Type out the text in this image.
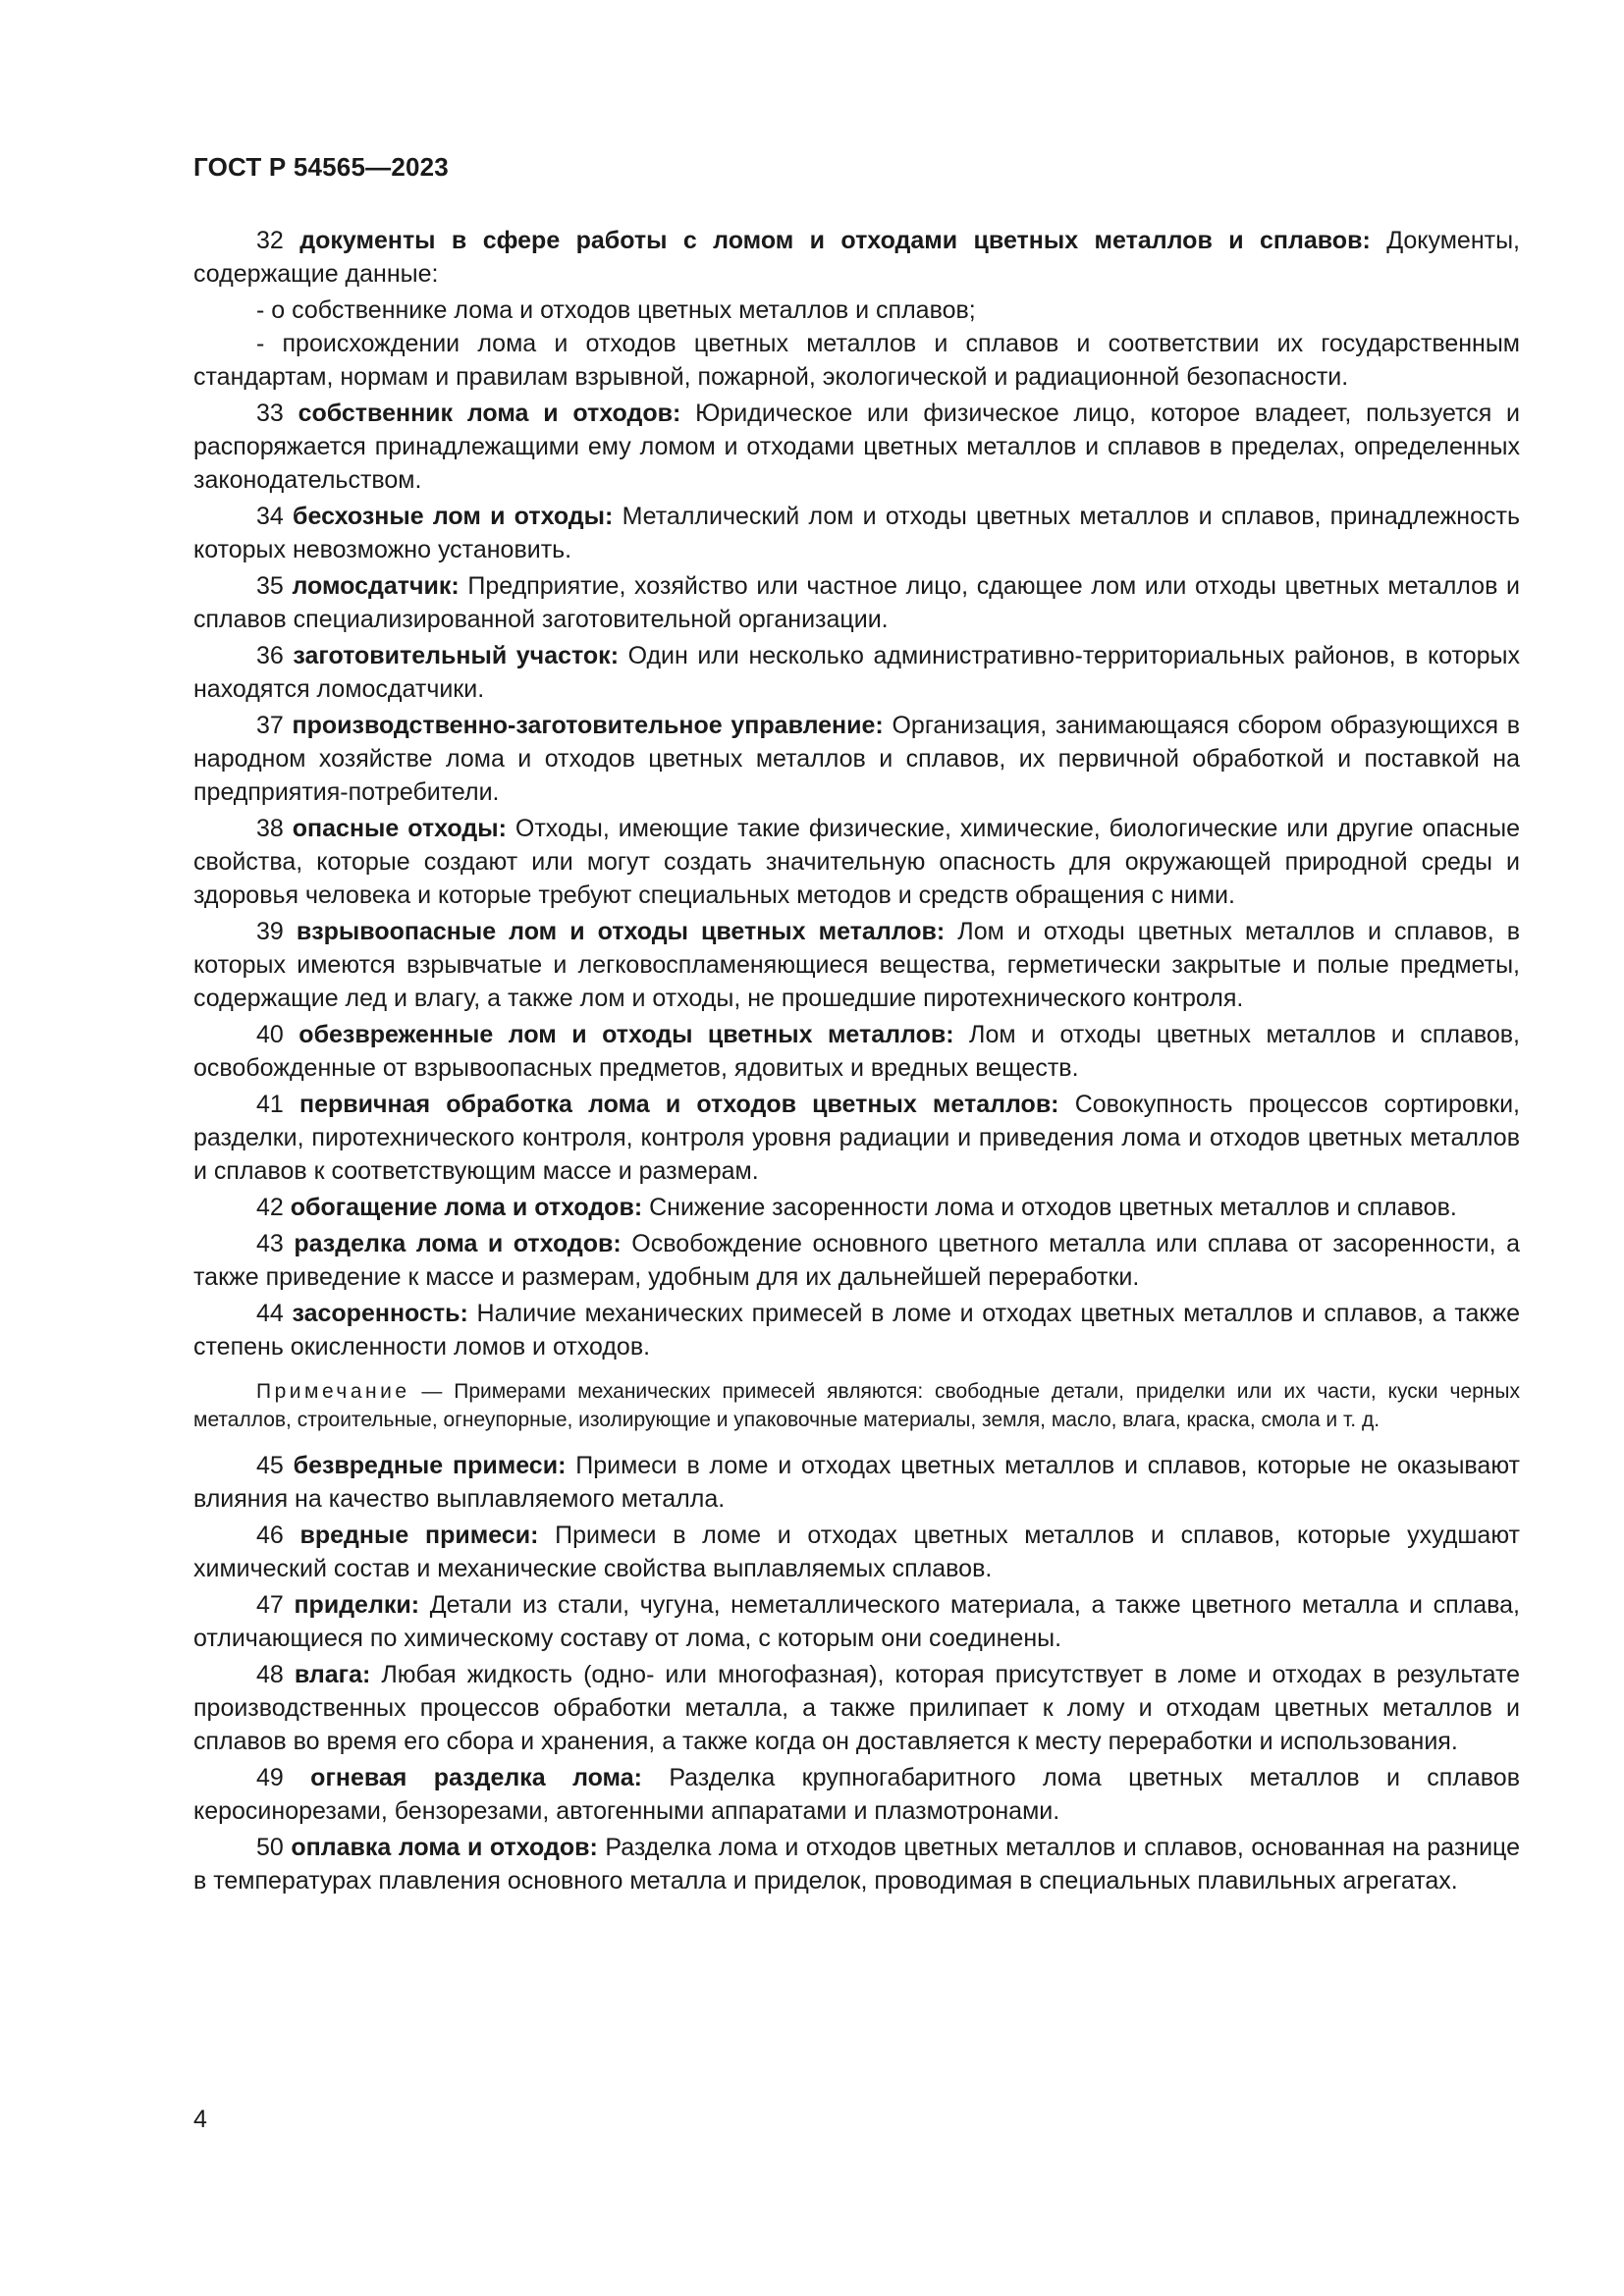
ГОСТ Р 54565—2023

32 документы в сфере работы с ломом и отходами цветных металлов и сплавов: Документы, содержащие данные:

- о собственнике лома и отходов цветных металлов и сплавов;

- происхождении лома и отходов цветных металлов и сплавов и соответствии их государственным стандартам, нормам и правилам взрывной, пожарной, экологической и радиационной безопасности.

33 собственник лома и отходов: Юридическое или физическое лицо, которое владеет, пользуется и распоряжается принадлежащими ему ломом и отходами цветных металлов и сплавов в пределах, определенных законодательством.

34 бесхозные лом и отходы: Металлический лом и отходы цветных металлов и сплавов, принадлежность которых невозможно установить.

35 ломосдатчик: Предприятие, хозяйство или частное лицо, сдающее лом или отходы цветных металлов и сплавов специализированной заготовительной организации.

36 заготовительный участок: Один или несколько административно-территориальных районов, в которых находятся ломосдатчики.

37 производственно-заготовительное управление: Организация, занимающаяся сбором образующихся в народном хозяйстве лома и отходов цветных металлов и сплавов, их первичной обработкой и поставкой на предприятия-потребители.

38 опасные отходы: Отходы, имеющие такие физические, химические, биологические или другие опасные свойства, которые создают или могут создать значительную опасность для окружающей природной среды и здоровья человека и которые требуют специальных методов и средств обращения с ними.

39 взрывоопасные лом и отходы цветных металлов: Лом и отходы цветных металлов и сплавов, в которых имеются взрывчатые и легковоспламеняющиеся вещества, герметически закрытые и полые предметы, содержащие лед и влагу, а также лом и отходы, не прошедшие пиротехнического контроля.

40 обезвреженные лом и отходы цветных металлов: Лом и отходы цветных металлов и сплавов, освобожденные от взрывоопасных предметов, ядовитых и вредных веществ.

41 первичная обработка лома и отходов цветных металлов: Совокупность процессов сортировки, разделки, пиротехнического контроля, контроля уровня радиации и приведения лома и отходов цветных металлов и сплавов к соответствующим массе и размерам.

42 обогащение лома и отходов: Снижение засоренности лома и отходов цветных металлов и сплавов.

43 разделка лома и отходов: Освобождение основного цветного металла или сплава от засоренности, а также приведение к массе и размерам, удобным для их дальнейшей переработки.

44 засоренность: Наличие механических примесей в ломе и отходах цветных металлов и сплавов, а также степень окисленности ломов и отходов.

Примечание — Примерами механических примесей являются: свободные детали, приделки или их части, куски черных металлов, строительные, огнеупорные, изолирующие и упаковочные материалы, земля, масло, влага, краска, смола и т. д.

45 безвредные примеси: Примеси в ломе и отходах цветных металлов и сплавов, которые не оказывают влияния на качество выплавляемого металла.

46 вредные примеси: Примеси в ломе и отходах цветных металлов и сплавов, которые ухудшают химический состав и механические свойства выплавляемых сплавов.

47 приделки: Детали из стали, чугуна, неметаллического материала, а также цветного металла и сплава, отличающиеся по химическому составу от лома, с которым они соединены.

48 влага: Любая жидкость (одно- или многофазная), которая присутствует в ломе и отходах в результате производственных процессов обработки металла, а также прилипает к лому и отходам цветных металлов и сплавов во время его сбора и хранения, а также когда он доставляется к месту переработки и использования.

49 огневая разделка лома: Разделка крупногабаритного лома цветных металлов и сплавов керосинорезами, бензорезами, автогенными аппаратами и плазмотронами.

50 оплавка лома и отходов: Разделка лома и отходов цветных металлов и сплавов, основанная на разнице в температурах плавления основного металла и приделок, проводимая в специальных плавильных агрегатах.

4
